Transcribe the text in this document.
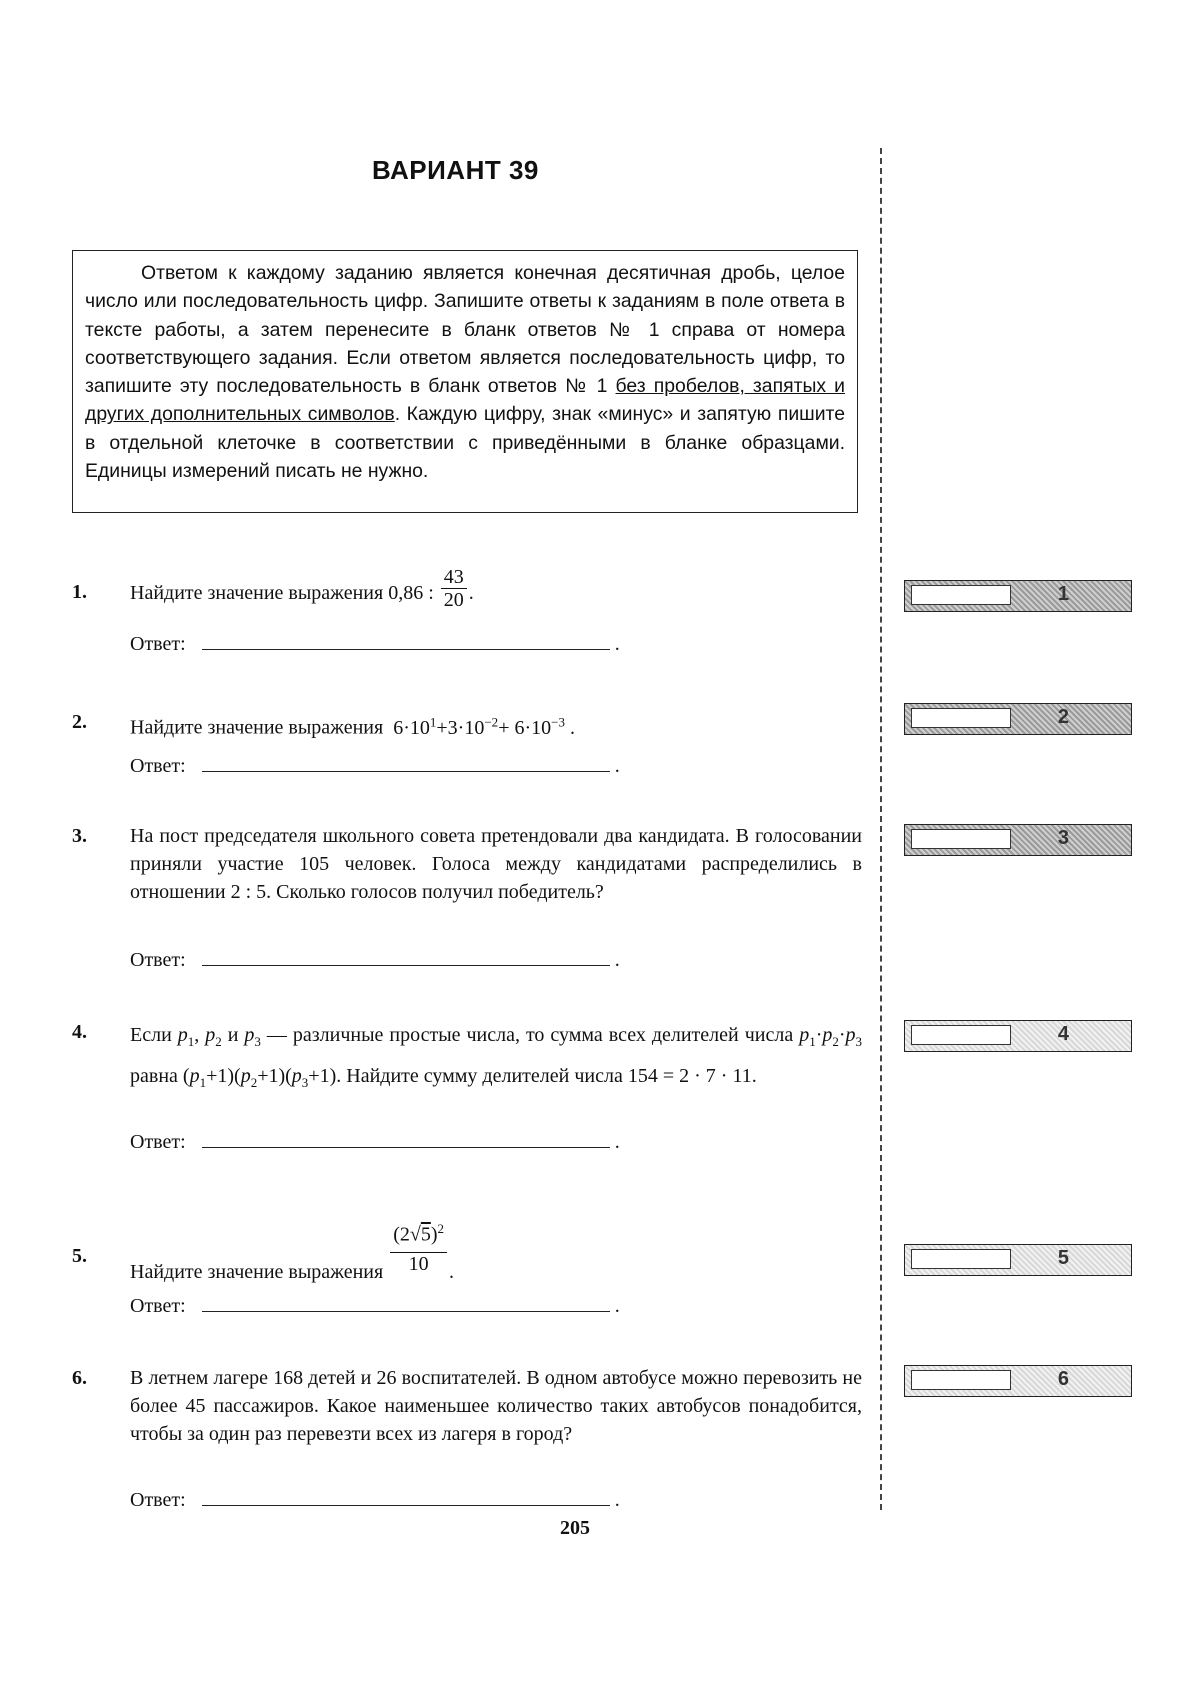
ВАРИАНТ 39
Ответом к каждому заданию является конечная десятичная дробь, целое число или последовательность цифр. Запишите ответы к заданиям в поле ответа в тексте работы, а затем перенесите в бланк ответов № 1 справа от номера соответствующего задания. Если ответом является последовательность цифр, то запишите эту последовательность в бланк ответов № 1 без пробелов, запятых и других дополнительных символов. Каждую цифру, знак «минус» и запятую пишите в отдельной клеточке в соответствии с приведёнными в бланке образцами. Единицы измерений писать не нужно.
1. Найдите значение выражения 0,86 : $\frac{43}{20}$ .
Ответ:	.
1
2. Найдите значение выражения  $6\cdot 10^1+3\cdot 10^{-2}+ 6\cdot 10^{-3}$ .
Ответ:	.
2
3. На пост председателя школьного совета претендовали два кандидата. В голосовании приняли участие 105 человек. Голоса между кандидатами распределились в отношении 2 : 5. Сколько голосов получил победитель?
Ответ:	.
3
4. Если $p_1$, $p_2$ и $p_3$ — различные простые числа, то сумма всех делителей числа $p_1\cdot p_2\cdot p_3$ равна $(p_1+1)(p_2+1)(p_3+1)$. Найдите сумму делителей числа 154 = 2 · 7 · 11.
Ответ:	.
4
5.
Найдите значение выражения $\frac{(2√5)^2}{10}$ .
Ответ:	.
5
6. В летнем лагере 168 детей и 26 воспитателей. В одном автобусе можно перевозить не более 45 пассажиров. Какое наименьшее количество таких автобусов понадобится, чтобы за один раз перевезти всех из лагеря в город?
Ответ:	.
6
205
